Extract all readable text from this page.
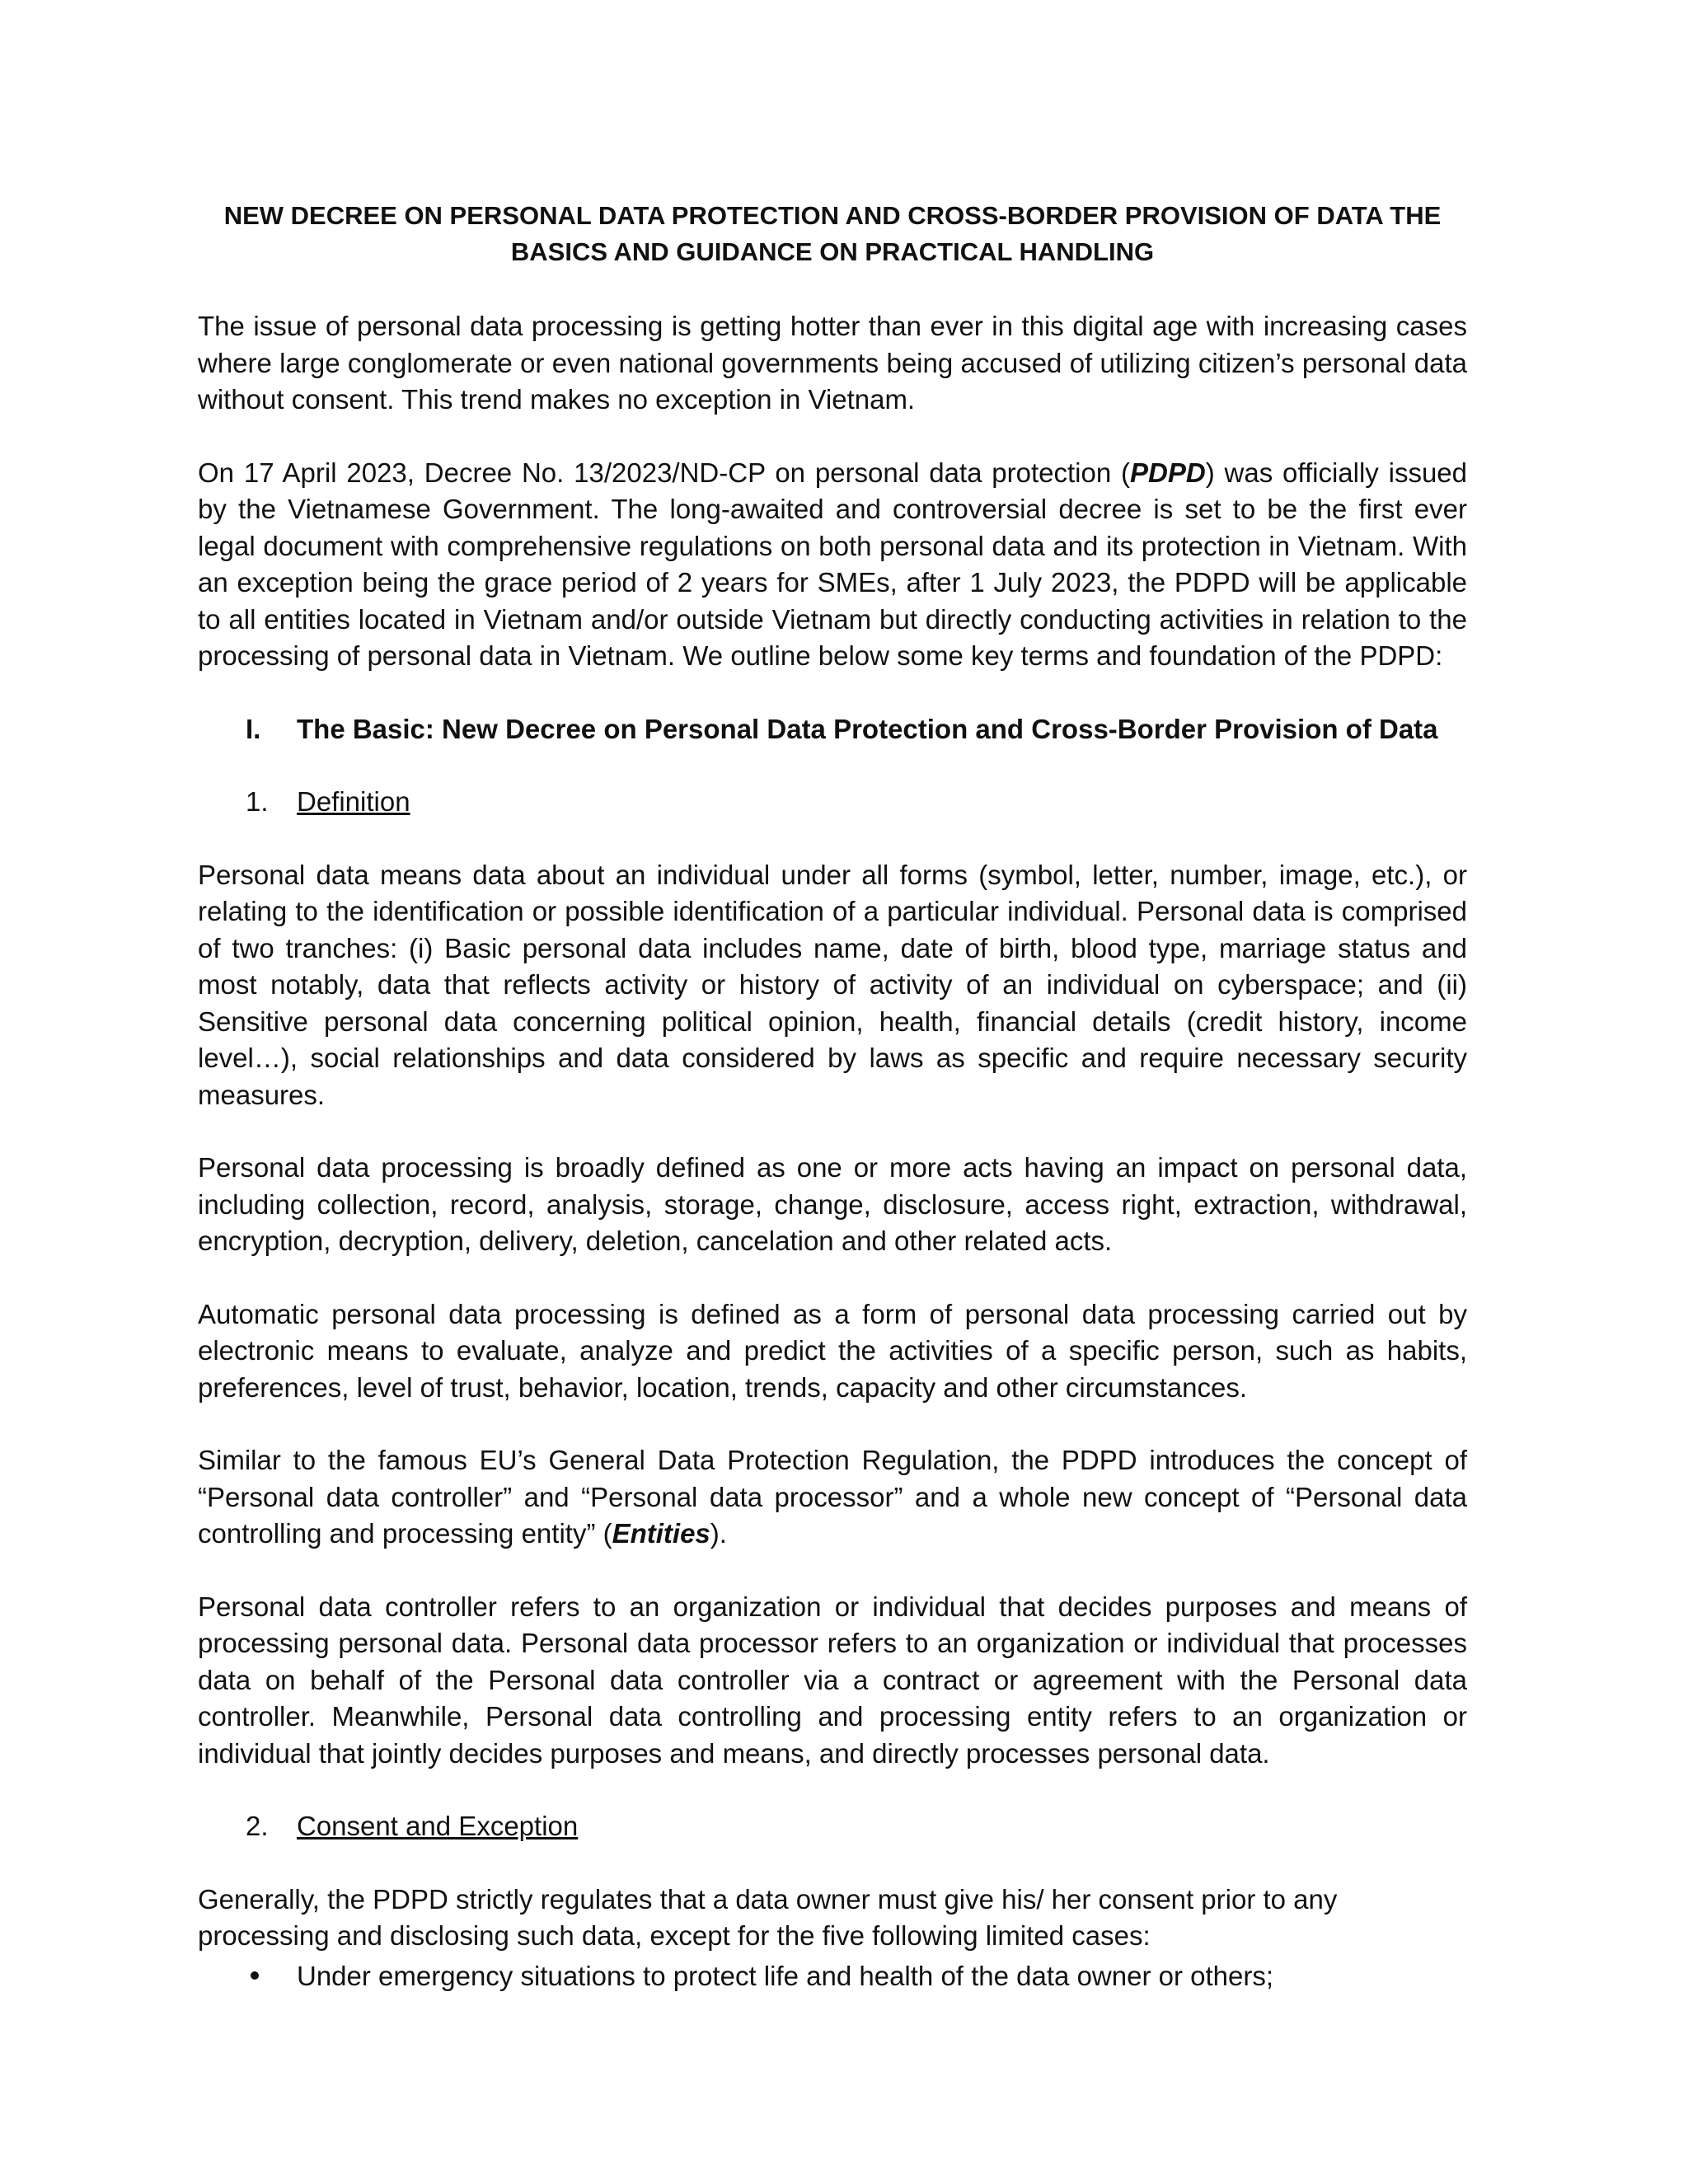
NEW DECREE ON PERSONAL DATA PROTECTION AND CROSS-BORDER PROVISION OF DATA THE BASICS AND GUIDANCE ON PRACTICAL HANDLING

The issue of personal data processing is getting hotter than ever in this digital age with increasing cases where large conglomerate or even national governments being accused of utilizing citizen’s personal data without consent. This trend makes no exception in Vietnam.

On 17 April 2023, Decree No. 13/2023/ND-CP on personal data protection (PDPD) was officially issued by the Vietnamese Government. The long-awaited and controversial decree is set to be the first ever legal document with comprehensive regulations on both personal data and its protection in Vietnam. With an exception being the grace period of 2 years for SMEs, after 1 July 2023, the PDPD will be applicable to all entities located in Vietnam and/or outside Vietnam but directly conducting activities in relation to the processing of personal data in Vietnam. We outline below some key terms and foundation of the PDPD:

I.	The Basic: New Decree on Personal Data Protection and Cross-Border Provision of Data
1.	Definition

Personal data means data about an individual under all forms (symbol, letter, number, image, etc.), or relating to the identification or possible identification of a particular individual. Personal data is comprised of two tranches: (i) Basic personal data includes name, date of birth, blood type, marriage status and most notably, data that reflects activity or history of activity of an individual on cyberspace; and (ii) Sensitive personal data concerning political opinion, health, financial details (credit history, income level…), social relationships and data considered by laws as specific and require necessary security measures.

Personal data processing is broadly defined as one or more acts having an impact on personal data, including collection, record, analysis, storage, change, disclosure, access right, extraction, withdrawal, encryption, decryption, delivery, deletion, cancelation and other related acts.

Automatic personal data processing is defined as a form of personal data processing carried out by electronic means to evaluate, analyze and predict the activities of a specific person, such as habits, preferences, level of trust, behavior, location, trends, capacity and other circumstances.

Similar to the famous EU’s General Data Protection Regulation, the PDPD introduces the concept of “Personal data controller” and “Personal data processor” and a whole new concept of “Personal data controlling and processing entity” (Entities).

Personal data controller refers to an organization or individual that decides purposes and means of processing personal data. Personal data processor refers to an organization or individual that processes data on behalf of the Personal data controller via a contract or agreement with the Personal data controller. Meanwhile, Personal data controlling and processing entity refers to an organization or individual that jointly decides purposes and means, and directly processes personal data.

2.	Consent and Exception

Generally, the PDPD strictly regulates that a data owner must give his/ her consent prior to any processing and disclosing such data, except for the five following limited cases:

Under emergency situations to protect life and health of the data owner or others;
